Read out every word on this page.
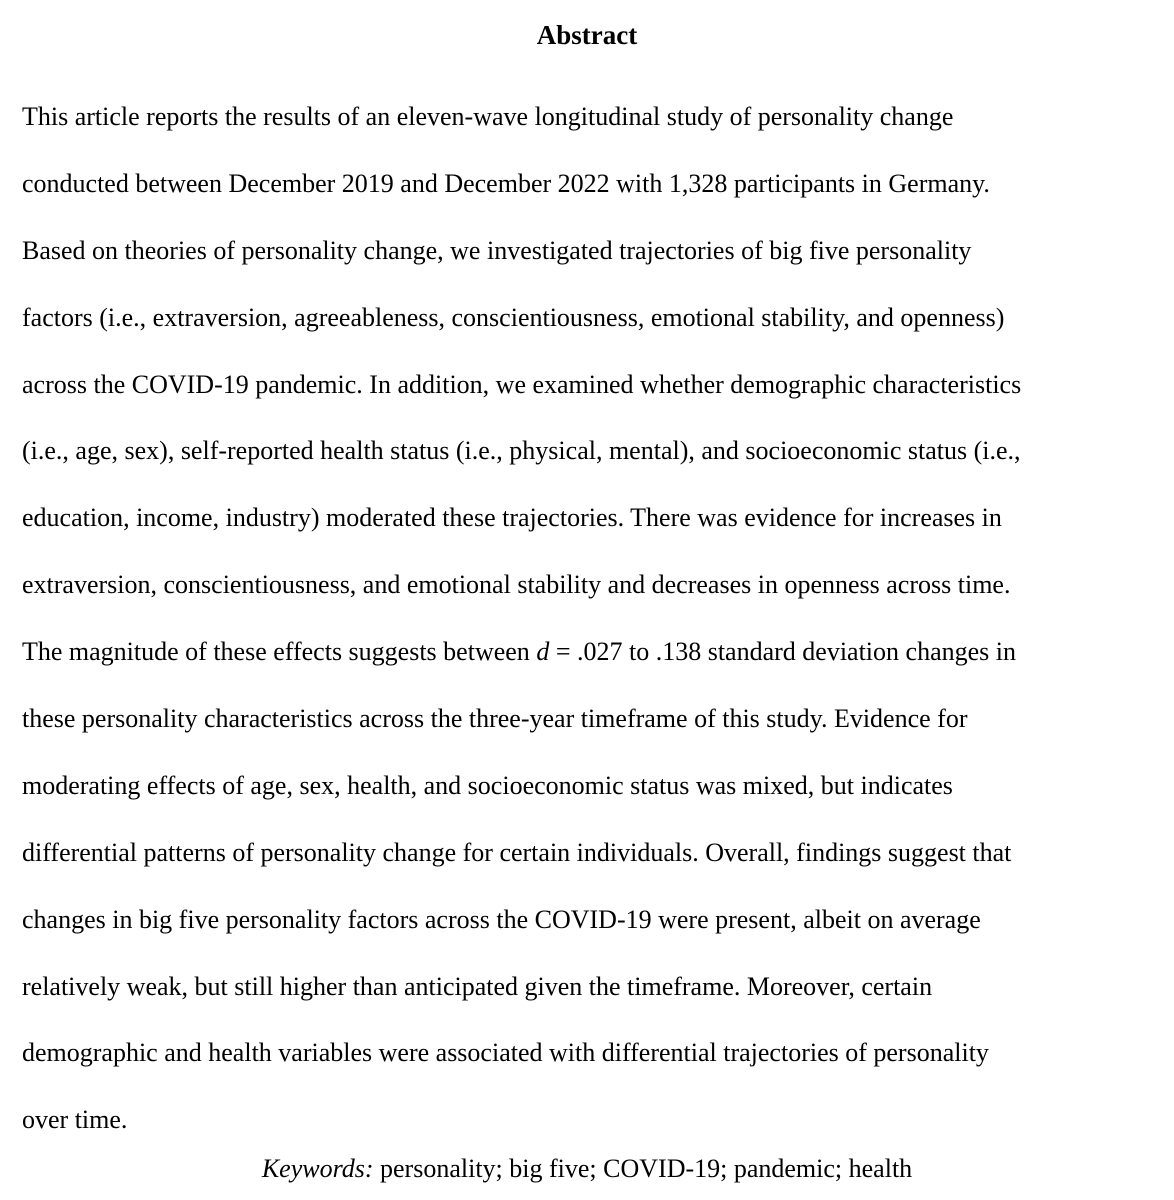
Abstract
This article reports the results of an eleven-wave longitudinal study of personality change
conducted between December 2019 and December 2022 with 1,328 participants in Germany.
Based on theories of personality change, we investigated trajectories of big five personality
factors (i.e., extraversion, agreeableness, conscientiousness, emotional stability, and openness)
across the COVID-19 pandemic. In addition, we examined whether demographic characteristics
(i.e., age, sex), self-reported health status (i.e., physical, mental), and socioeconomic status (i.e.,
education, income, industry) moderated these trajectories. There was evidence for increases in
extraversion, conscientiousness, and emotional stability and decreases in openness across time.
The magnitude of these effects suggests between d = .027 to .138 standard deviation changes in
these personality characteristics across the three-year timeframe of this study. Evidence for
moderating effects of age, sex, health, and socioeconomic status was mixed, but indicates
differential patterns of personality change for certain individuals. Overall, findings suggest that
changes in big five personality factors across the COVID-19 were present, albeit on average
relatively weak, but still higher than anticipated given the timeframe. Moreover, certain
demographic and health variables were associated with differential trajectories of personality
over time.

Keywords: personality; big five; COVID-19; pandemic; health
